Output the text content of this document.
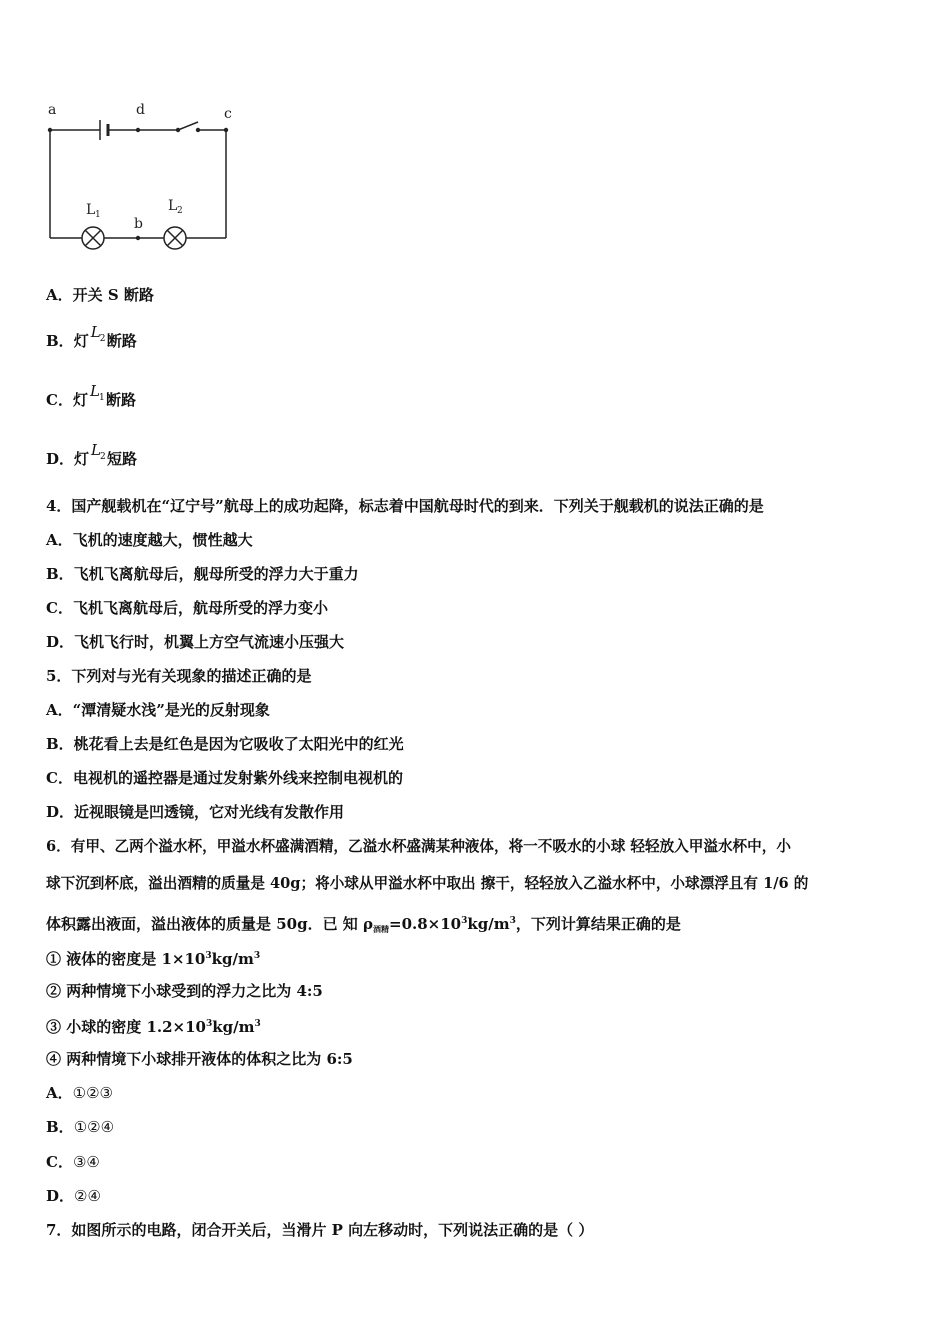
a	d	c
b
L 1
L 2
A．开关 S 断路
B．灯 L 2 断路
C．灯 L 1 断路
D．灯 L 2 短路
4．国产舰载机在“辽宁号”航母上的成功起降，标志着中国航母时代的到来．下列关于舰载机的说法正确的是
A．飞机的速度越大，惯性越大
B．飞机飞离航母后，舰母所受的浮力大于重力
C．飞机飞离航母后，航母所受的浮力变小
D．飞机飞行时，机翼上方空气流速小压强大
5．下列对与光有关现象的描述正确的是
A．“潭清疑水浅”是光的反射现象
B．桃花看上去是红色是因为它吸收了太阳光中的红光
C．电视机的遥控器是通过发射紫外线来控制电视机的
D．近视眼镜是凹透镜，它对光线有发散作用
6．有甲、乙两个溢水杯，甲溢水杯盛满酒精，乙溢水杯盛满某种液体，将一不吸水的小球 轻轻放入甲溢水杯中，小
球下沉到杯底，溢出酒精的质量是 40g；将小球从甲溢水杯中取出 擦干，轻轻放入乙溢水杯中，小球漂浮且有 1/6 的
体积露出液面，溢出液体的质量是 50g．已 知 $\rho_{酒精}=0.8\times 10^3kg/m^3$，下列计算结果正确的是
① 液体的密度是 $1\times 10^3kg/m^3$
② 两种情境下小球受到的浮力之比为 4:5
③ 小球的密度 $1.2\times 10^3kg/m^3$
④ 两种情境下小球排开液体的体积之比为 6:5
A．①②③
B．①②④
C．③④
D．②④
7．如图所示的电路，闭合开关后，当滑片 P 向左移动时，下列说法正确的是（ ）
